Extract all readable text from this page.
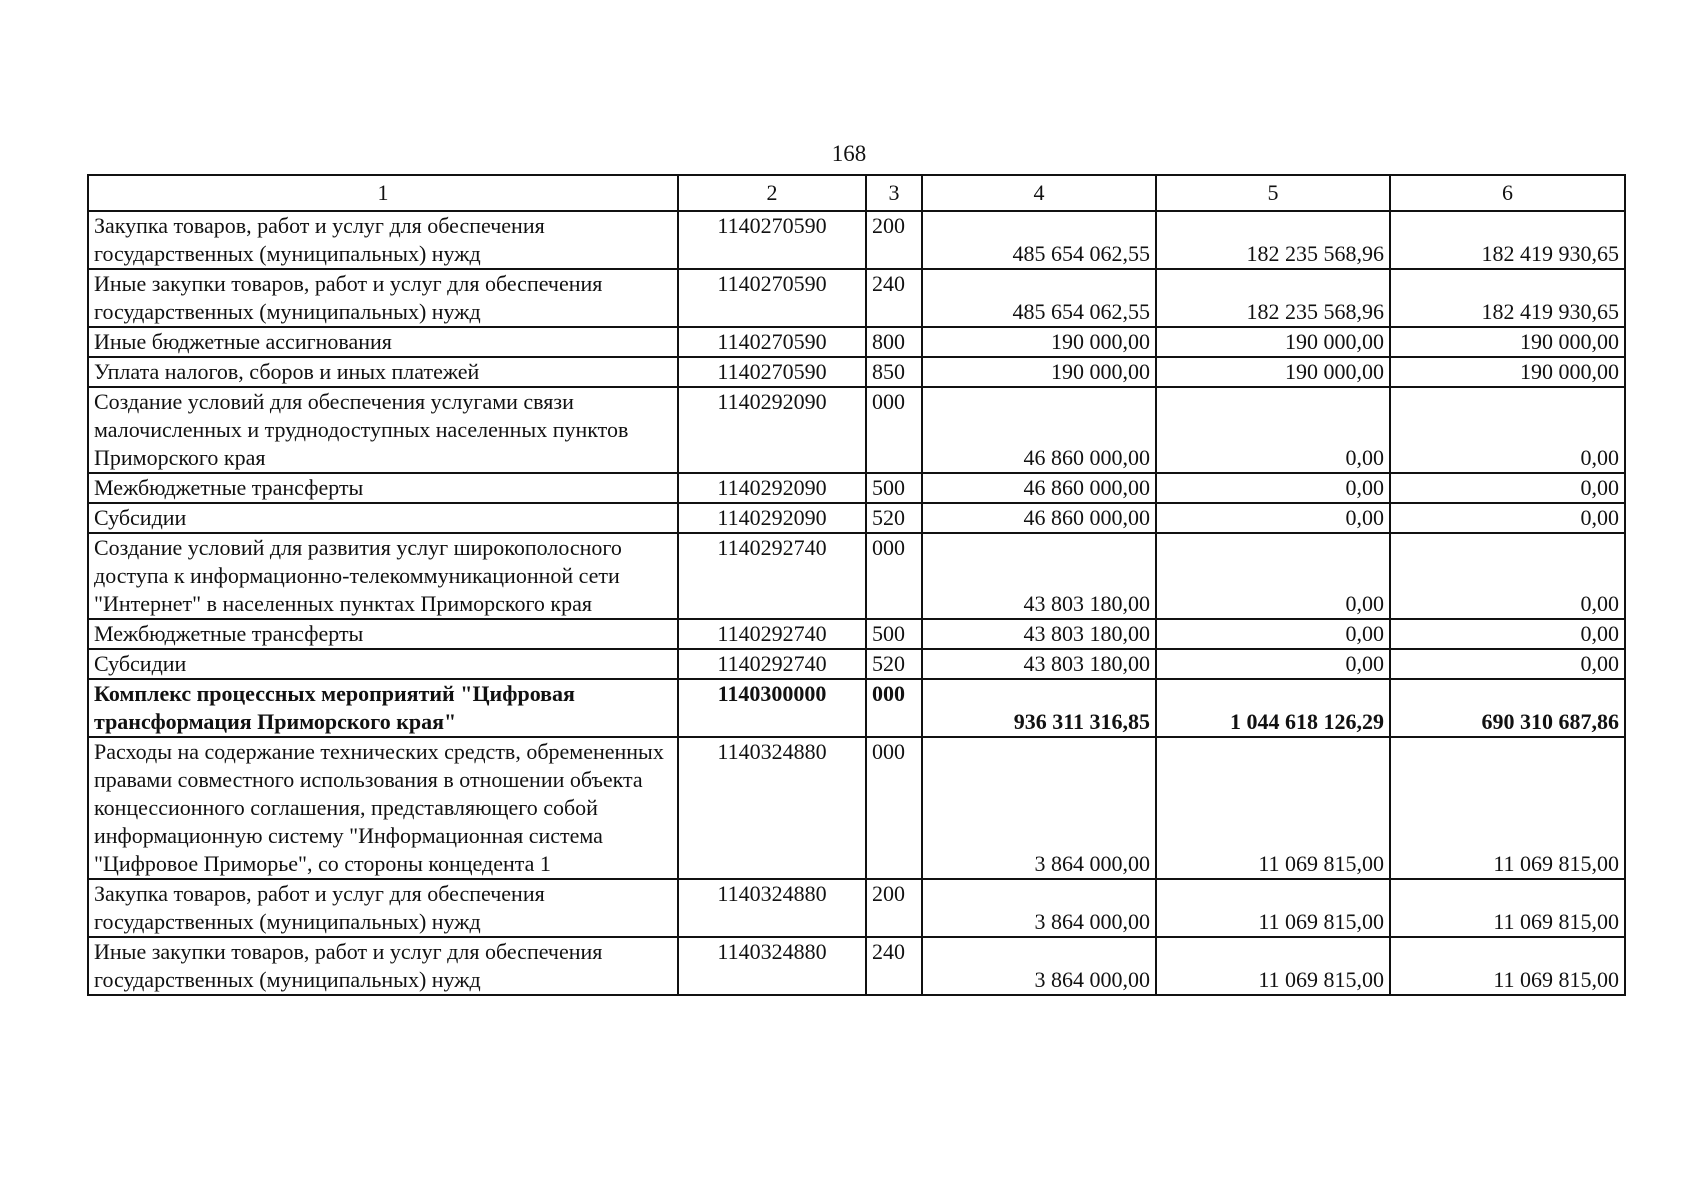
168
1	2	3	4	5	6
Закупка товаров, работ и услуг для обеспечения государственных (муниципальных) нужд	1140270590	200	485 654 062,55	182 235 568,96	182 419 930,65
Иные закупки товаров, работ и услуг для обеспечения государственных (муниципальных) нужд	1140270590	240	485 654 062,55	182 235 568,96	182 419 930,65
Иные бюджетные ассигнования	1140270590	800	190 000,00	190 000,00	190 000,00
Уплата налогов, сборов и иных платежей	1140270590	850	190 000,00	190 000,00	190 000,00
Создание условий для обеспечения услугами связи малочисленных и труднодоступных населенных пунктов Приморского края	1140292090	000	46 860 000,00	0,00	0,00
Межбюджетные трансферты	1140292090	500	46 860 000,00	0,00	0,00
Субсидии	1140292090	520	46 860 000,00	0,00	0,00
Создание условий для развития услуг широкополосного доступа к информационно-телекоммуникационной сети "Интернет" в населенных пунктах Приморского края	1140292740	000	43 803 180,00	0,00	0,00
Межбюджетные трансферты	1140292740	500	43 803 180,00	0,00	0,00
Субсидии	1140292740	520	43 803 180,00	0,00	0,00
Комплекс процессных мероприятий "Цифровая трансформация Приморского края"	1140300000	000	936 311 316,85	1 044 618 126,29	690 310 687,86
Расходы на содержание технических средств, обремененных правами совместного использования в отношении объекта концессионного соглашения, представляющего собой информационную систему "Информационная система "Цифровое Приморье", со стороны концедента 1	1140324880	000	3 864 000,00	11 069 815,00	11 069 815,00
Закупка товаров, работ и услуг для обеспечения государственных (муниципальных) нужд	1140324880	200	3 864 000,00	11 069 815,00	11 069 815,00
Иные закупки товаров, работ и услуг для обеспечения государственных (муниципальных) нужд	1140324880	240	3 864 000,00	11 069 815,00	11 069 815,00
